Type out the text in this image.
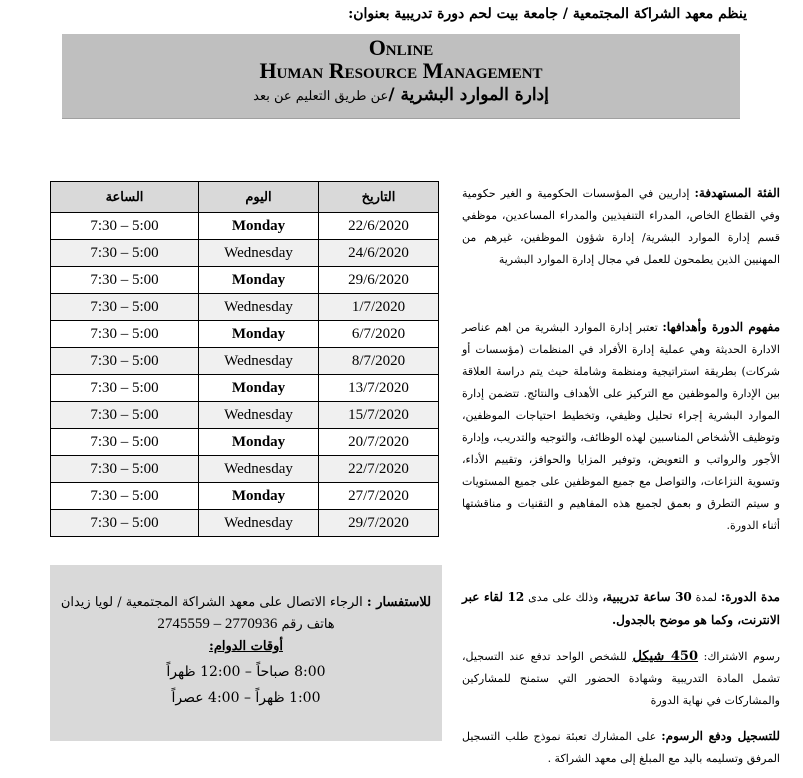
ينظم معهد الشراكة المجتمعية / جامعة بيت لحم دورة تدريبية بعنوان:
Online
Human Resource Management
إدارة الموارد البشرية /عن طريق التعليم عن بعد
الساعة	اليوم	التاريخ
7:30 – 5:00	Monday	22/6/2020
7:30 – 5:00	Wednesday	24/6/2020
7:30 – 5:00	Monday	29/6/2020
7:30 – 5:00	Wednesday	1/7/2020
7:30 – 5:00	Monday	6/7/2020
7:30 – 5:00	Wednesday	8/7/2020
7:30 – 5:00	Monday	13/7/2020
7:30 – 5:00	Wednesday	15/7/2020
7:30 – 5:00	Monday	20/7/2020
7:30 – 5:00	Wednesday	22/7/2020
7:30 – 5:00	Monday	27/7/2020
7:30 – 5:00	Wednesday	29/7/2020
للاستفسار : الرجاء الاتصال على معهد الشراكة المجتمعية / لويا زيدان
هاتف رقم 2770936 – 2745559
أوقات الدوام:
8:00 صباحاً – 12:00 ظهراً
1:00 ظهراً – 4:00 عصراً
الفئة المستهدفة: إداريين في المؤسسات الحكومية و الغير حكومية وفي القطاع الخاص، المدراء التنفيذيين والمدراء المساعدين، موظفي قسم إدارة الموارد البشرية/ إدارة شؤون الموظفين، غيرهم من المهنيين الذين يطمحون للعمل في مجال إدارة الموارد البشرية
مفهوم الدورة وأهدافها: تعتبر إدارة الموارد البشرية من اهم عناصر الادارة الحديثة وهي عملية إدارة الأفراد في المنظمات (مؤسسات أو شركات) بطريقة استراتيجية ومنظمة وشاملة حيث يتم دراسة العلاقة بين الإدارة والموظفين مع التركيز على الأهداف والنتائج. تتضمن إدارة الموارد البشرية إجراء تحليل وظيفي، وتخطيط احتياجات الموظفين، وتوظيف الأشخاص المناسبين لهذه الوظائف، والتوجيه والتدريب، وإدارة الأجور والرواتب و التعويض، وتوفير المزايا والحوافز، وتقييم الأداء، وتسوية النزاعات، والتواصل مع جميع الموظفين على جميع المستويات و سيتم التطرق و بعمق لجميع هذه المفاهيم و التقنيات و مناقشتها أثناء الدورة.
مدة الدورة: لمدة 30 ساعة تدريبية، وذلك على مدى 12 لقاء عبر الانترنت، وكما هو موضح بالجدول.
رسوم الاشتراك: 450 شيكل للشخص الواحد تدفع عند التسجيل، تشمل المادة التدريبية وشهادة الحضور التي ستمنح للمشاركين والمشاركات في نهاية الدورة
للتسجيل ودفع الرسوم: على المشارك تعبئة نموذج طلب التسجيل المرفق وتسليمه باليد مع المبلغ إلى معهد الشراكة .
